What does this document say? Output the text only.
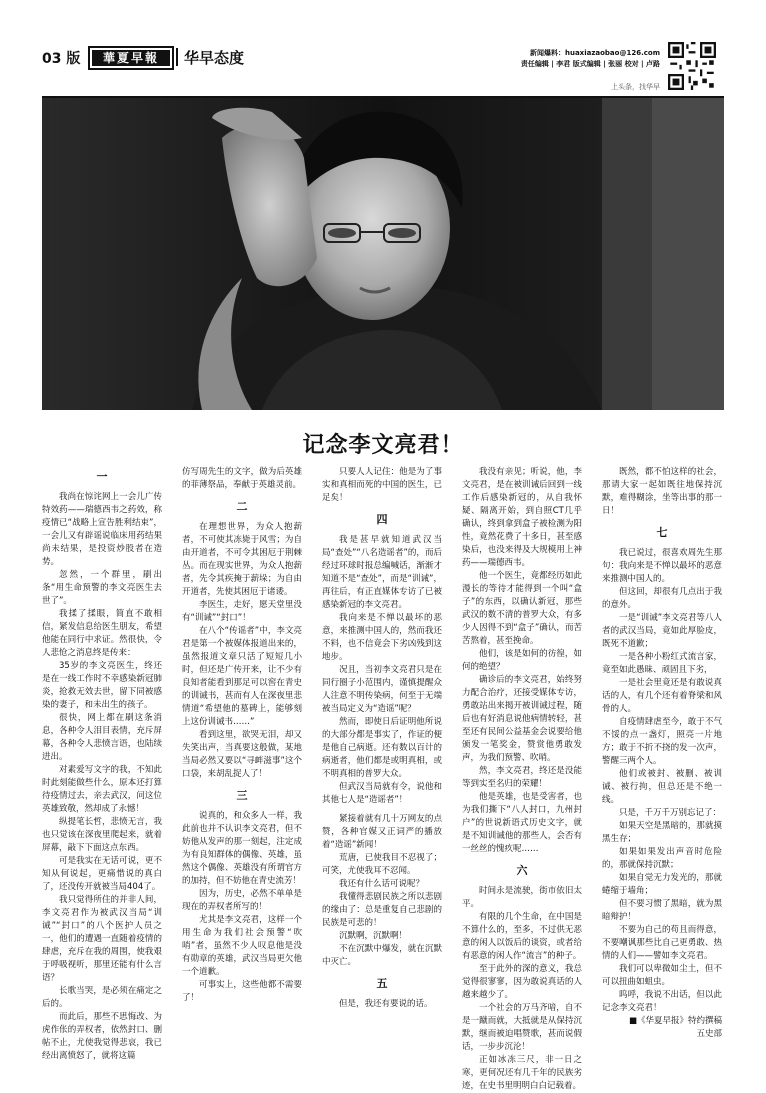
03 版	華夏早報	华早态度	新闻爆料：huaxiazaobao@126.com
责任编辑 | 李君 版式编辑 | 张丽 校对 | 卢路
上头条，找华早
记念李文亮君！
一

我尚在惊诧网上一会儿广传特效药——瑞德西韦之药效，称疫情已“战略上宣告胜利结束”，一会儿又有辟谣说临床用药结果尚未结果，是投资炒股者在造势。

忽然，一个群里，刷出条“用生命预警的李文亮医生去世了”。

我揉了揉眼，简直不敢相信，紧发信息给医生朋友，希望他能在同行中求证。然很快，令人悲怆之消息终是传来：

35岁的李文亮医生，终还是在一线工作时不幸感染新冠肺炎，抢救无效去世，留下同被感染的妻子，和未出生的孩子。

很快，网上都在刷这条消息，各种令人泪目表情，充斥屏幕，各种令人悲愤言语，也陆续进出。

对素爱写文字的我，不知此时此刻能做些什么，原本还打算待疫情过去，亲去武汉，问这位英雄致敬，然却成了永憾！

纵提笔长哲，悲愤无言，我也只觉该在深夜里爬起来，就着屏幕，敲下下面这点东西。

可是我实在无话可说，更不知从何说起，更痛惜说的真白了，还没传开就被当局404了。

我只觉得所住的并非人间，李文亮君作为被武汉当局“训诫”“封口”的八个医护人员之一，他们的遭遇一直随着疫情的肆虐，充斥在我的周围，使我艰于呼吸视听，那里还能有什么言语？

长歌当哭，是必须在痛定之后的。

而此后，那些不思悔改、为虎作伥的弄权者，依然封口、删帖不止，尤使我觉得悲哀，我已经出离愤怒了，就将这篇

仿写周先生的文字，做为后英雄的菲薄祭品，奉献于英雄灵前。

二

在理想世界，为众人抱薪者，不可使其冻毙于风雪；为自由开道者，不可令其困厄于荆棘丛。而在现实世界，为众人抱薪者，先令其疾掩于薪垛；为自由开道者，先使其困厄于诸诿。

李医生，走好，愿天堂里没有“训诫”“封口”！

在八个“传谣者”中，李文亮君是第一个被媒体报道出来的，虽然报道文章只活了短短几小时，但还是广传开来，让不少有良知者能看到那足可以窖在青史的训诫书，甚而有人在深夜里悲情道“希望他的墓碑上，能够刻上这份训诫书……”

看到这里，欲哭无泪，却又失笑出声，当真要这般做，某地当局必然又要以“寻衅滋事”这个口袋，来胡乱捉人了！

三

说真的，和众多人一样，我此前也并不认识李文亮君，但不妨他从发声的那一刻起，注定成为有良知群体的偶像、英雄，虽然这个偶像、英雄没有所谓官方的加持，但不妨他在青史流芳！

因为，历史，必然不单单是现在的弄权者所写的！

尤其是李文亮君，这样一个用生命为我们社会预警“吹哨”者，虽然不少人叹息他是没有勋章的英雄，武汉当局更欠他一个道歉。

可事实上，这些他都不需要了！

只要人人记住：他是为了事实和真相而死的中国的医生，已足矣！

四

我是甚早就知道武汉当局“查处”“八名造谣者”的，而后经过环球时报总编喊话，渐渐才知道不是“查处”，而是“训诫”，再往后，有正直媒体专访了已被感染新冠的李文亮君。

我向来是不惮以最坏的恶意，来推测中国人的，然而我还不料，也不信竟会下劣凶残到这地步。

况且，当初李文亮君只是在同行圈子小范围内，谨慎提醒众人注意不明传染病，何至于无端被当局定义为“造谣”呢？

然而，即使日后证明他所说的大部分都是事实了，作证的便是他自己病逝。还有数以百计的病逝者，他们都是或明真相，或不明真相的普罗大众。

但武汉当局就有令，说他和其他七人是“造谣者”！

紧接着就有几十万网友的点赞，各种官媒又正词严的播放着“造谣”新闻！

荒唐，已使我目不忍视了；可笑，尤使我耳不忍闻。

我还有什么话可说呢？

我懂得悲剧民族之所以悲剧的缘由了：总是重复自己悲剧的民族是可悲的！

沉默啊，沉默啊！

不在沉默中爆发，就在沉默中灭亡。

五

但是，我还有要说的话。

我没有亲见；听说，他，李文亮君，是在被训诫后回到一线工作后感染新冠的，从自我怀疑、隔离开始，到自照CT几乎确认，终到拿到盒子被检测为阳性，竟然花费了十多日，甚至感染后，也没来得及大规模用上神药——瑞德西韦。

他一个医生，竟都经历如此漫长的等待才能得到一个叫“盒子”的东西，以确认新冠，那些武汉的数不清的普罗大众，有多少人因得不到“盒子”确认，而苦苦熬着，甚至挽命。

他们，该是如何的彷徨，如何的绝望？

确诊后的李文亮君，始终努力配合治疗，还接受媒体专访，勇敢站出来揭开被训诫过程，随后也有好消息说他病情转轻，甚至还有民间公益基金会说要给他颁发一笔奖金，赞赏他勇敢发声，为我们预警、吹哨。

然，李文亮君，终还是没能等到实至名归的荣耀！

他是英雄，也是受害者，也为我们撕下“八人封口，九州封户”的世说新语式历史文字，就是不知训诫他的那些人，会否有一丝丝的愧疚呢……

六

时间永是流驶，街市依旧太平。

有限的几个生命，在中国是不算什么的，至多，不过供无恶意的闲人以饭后的谈资，或者给有恶意的闲人作“流言”的种子。

至于此外的深的意义，我总觉得很寥寥，因为敢说真话的人越来越少了。

一个社会的万马齐喑，自不是一蹴而就，大抵就是从保持沉默，继而被迫唱赞歌，甚而说假话，一步步沉沦！

正如冰冻三尺，非一日之寒，更何况还有几千年的民族劣迹，在史书里明明白白记载着。

既然，都不怕这样的社会，那请大家一起如既往地保持沉默，难得糊涂，坐等出事的那一日！

七

我已说过，很喜欢周先生那句：我向来是不惮以最坏的恶意来推测中国人的。

但这回，却很有几点出于我的意外。

一是“训诫”李文亮君等八人者的武汉当局，竟如此厚脸皮，既死不道歉；

一是各种小粉红式流言家，竟至如此愚昧、顽固且下劣，

一是社会里竟还是有敢说真话的人，有几个还有着脊梁和风骨的人。

自疫情肆虐至今，敢于不气不馁的点一盏灯，照亮一片地方；敢于不折不挠的发一次声，警醒三两个人。

他们或被封、被删、被训诫、被行拘，但总还是不绝一线。

只是，千万千万别忘记了：

如果天空是黑暗的，那就摸黑生存；

如果如果发出声音时危险的，那就保持沉默；

如果自觉无力发光的，那就蜷缩于墙角；

但不要习惯了黑暗，就为黑暗辩护！

不要为自己的苟且而得意，不要嘲讽那些比自己更勇敢、热情的人们——譬如李文亮君。

我们可以卑微如尘土，但不可以扭曲如蛆虫。

呜呼，我说不出话，但以此记念李文亮君！

■《华夏早报》特约撰稿

五史部
